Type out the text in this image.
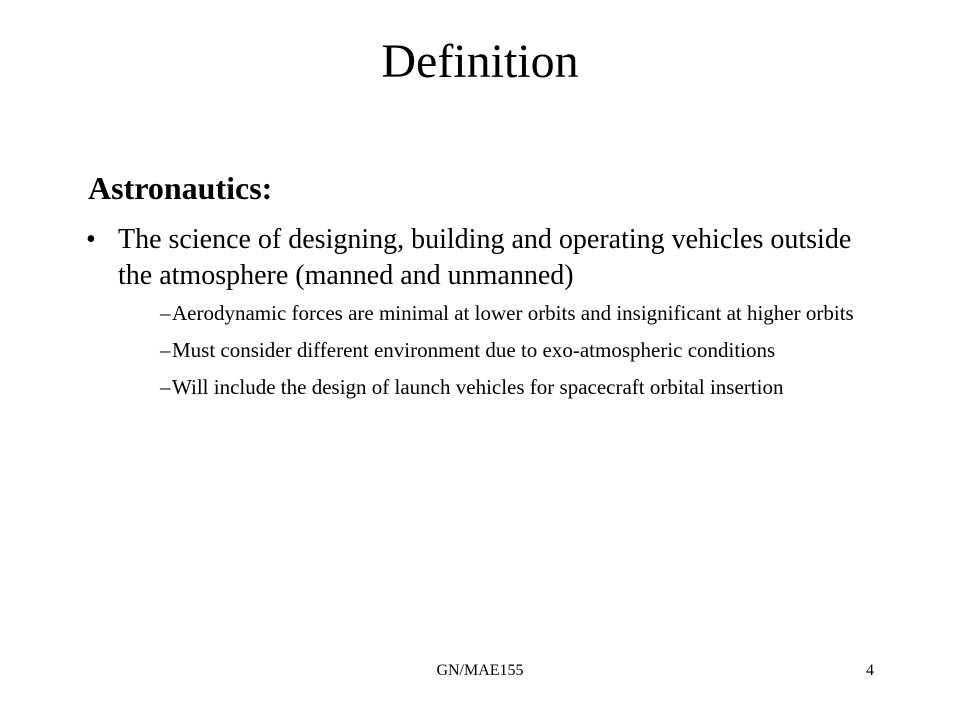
Definition
Astronautics:
• The science of designing, building and operating vehicles outside the atmosphere (manned and unmanned)
– Aerodynamic forces are minimal at lower orbits and insignificant at higher orbits
– Must consider different environment due to exo-atmospheric conditions
– Will include the design of launch vehicles for spacecraft orbital insertion
GN/MAE155	4
